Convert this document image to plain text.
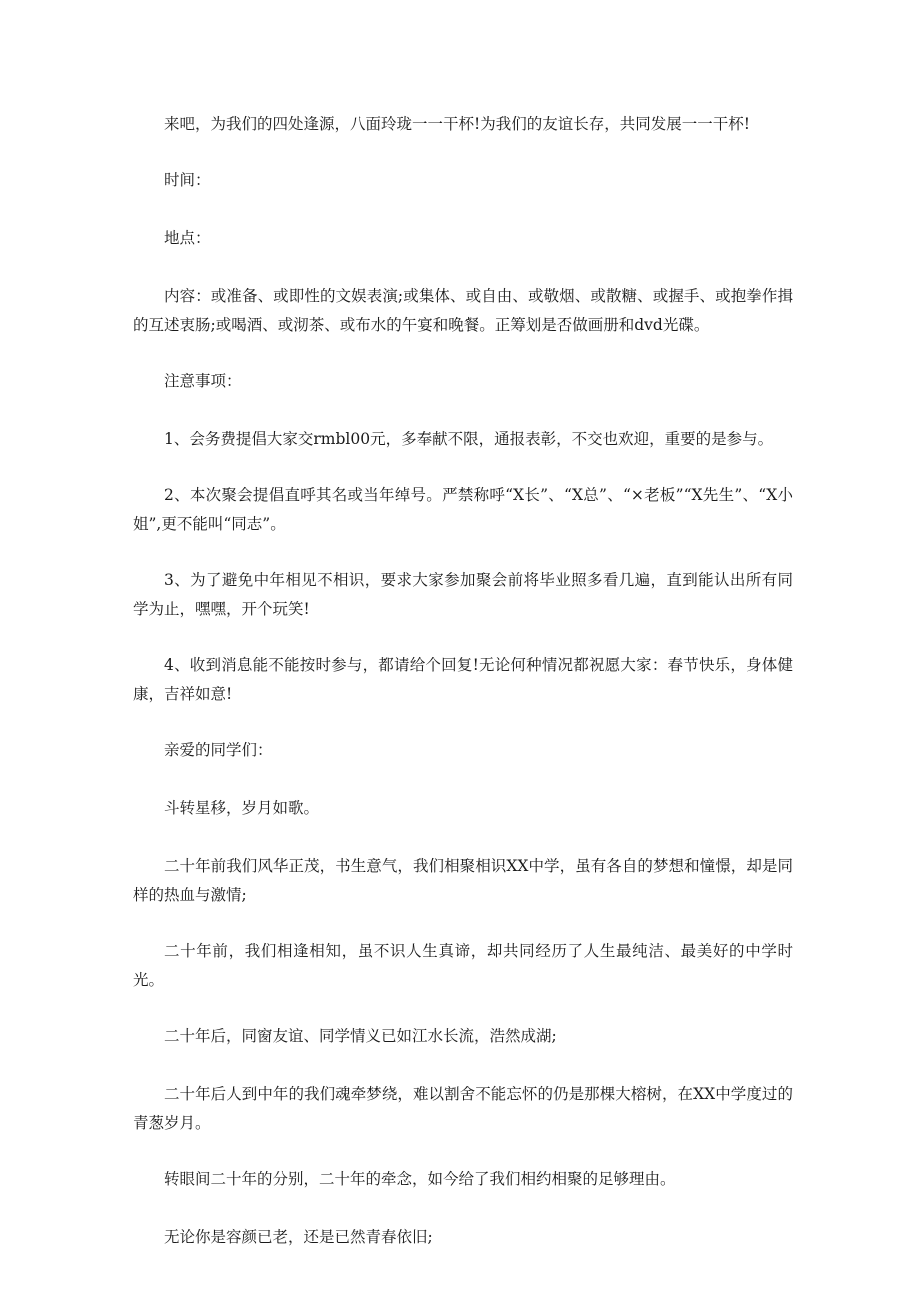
来吧，为我们的四处逢源，八面玲珑一一干杯!为我们的友谊长存，共同发展一一干杯!

时间：

地点：

内容：或准备、或即性的文娱表演;或集体、或自由、或敬烟、或散糖、或握手、或抱拳作揖的互述衷肠;或喝酒、或沏茶、或布水的午宴和晚餐。正筹划是否做画册和dvd光碟。

注意事项：

1、会务费提倡大家交rmbl00元，多奉献不限，通报表彰，不交也欢迎，重要的是参与。

2、本次聚会提倡直呼其名或当年绰号。严禁称呼“X长”、“X总”、“×老板”“X先生”、“X小姐”,更不能叫“同志”。

3、为了避免中年相见不相识，要求大家参加聚会前将毕业照多看几遍，直到能认出所有同学为止，嘿嘿，开个玩笑!

4、收到消息能不能按时参与，都请给个回复!无论何种情况都祝愿大家：春节快乐，身体健康，吉祥如意!

亲爱的同学们：

斗转星移，岁月如歌。

二十年前我们风华正茂，书生意气，我们相聚相识XX中学，虽有各自的梦想和憧憬，却是同样的热血与激情;

二十年前，我们相逢相知，虽不识人生真谛，却共同经历了人生最纯洁、最美好的中学时光。

二十年后，同窗友谊、同学情义已如江水长流，浩然成湖;

二十年后人到中年的我们魂牵梦绕，难以割舍不能忘怀的仍是那棵大榕树，在XX中学度过的青葱岁月。

转眼间二十年的分别，二十年的牵念，如今给了我们相约相聚的足够理由。

无论你是容颜已老，还是已然青春依旧;
